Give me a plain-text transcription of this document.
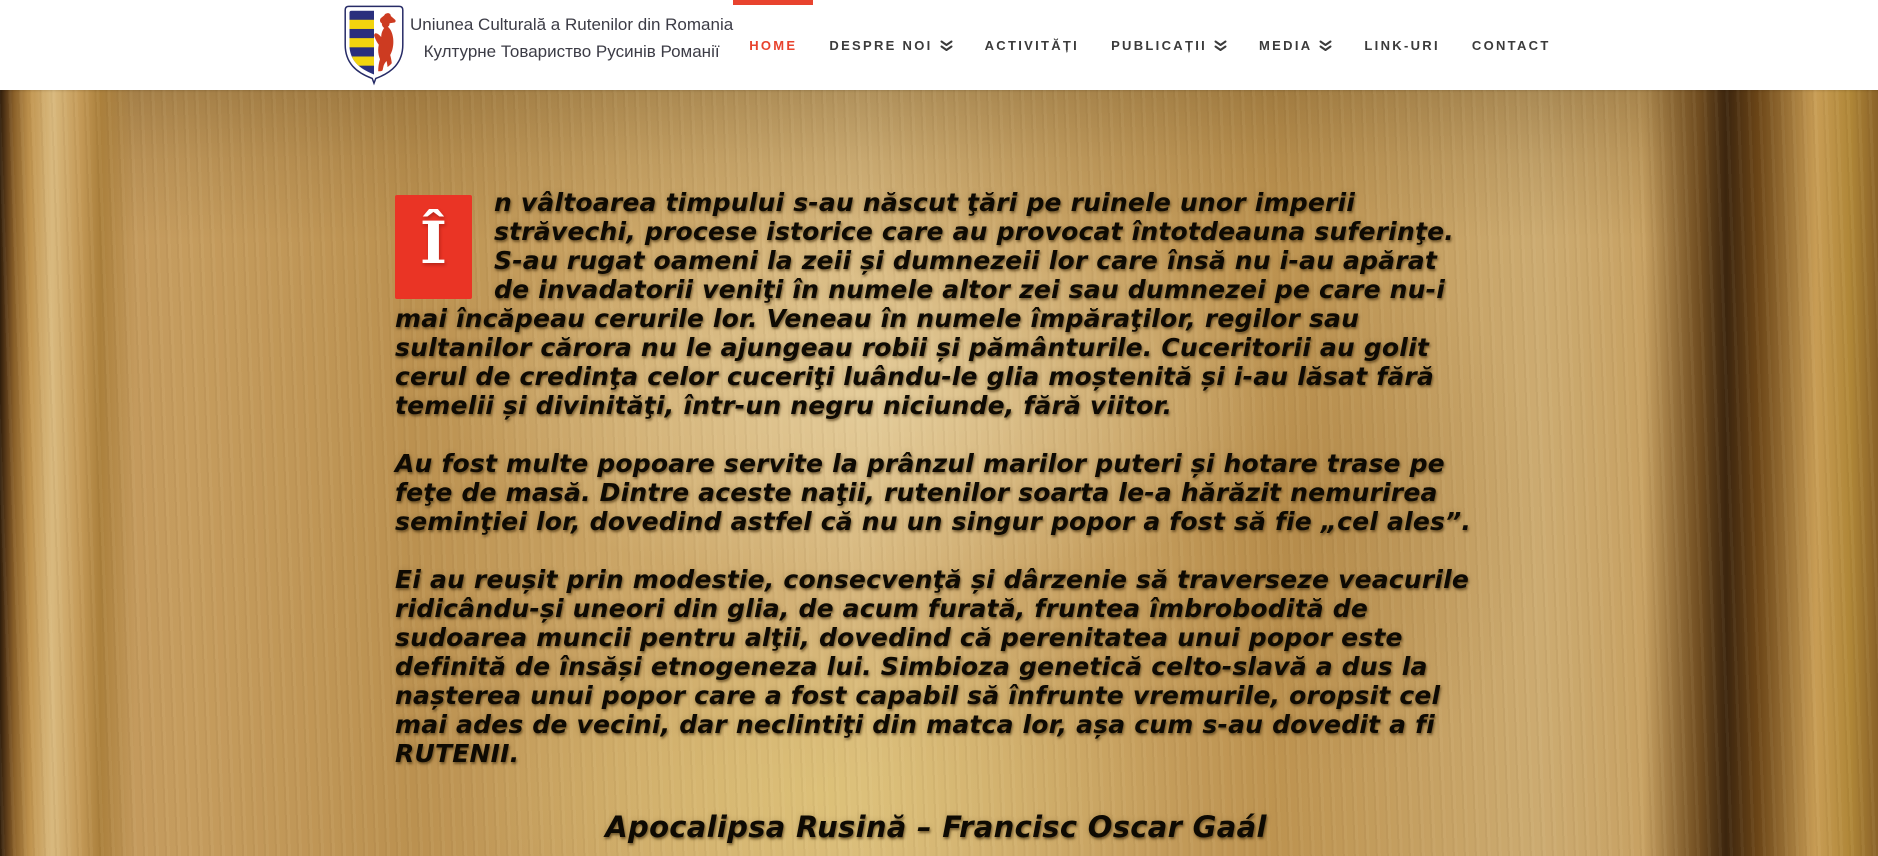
Uniunea Culturală a Rutenilor din Romania
Културне Товариство Русинів Романії HOME DESPRE NOI	ACTIVITĂȚI PUBLICAȚII	MEDIA	LINK-URI CONTACT

Î
n vâltoarea timpului s-au născut ţări pe ruinele unor imperii străvechi, procese istorice care au provocat întotdeauna suferinţe. S-au rugat oameni la zeii și dumnezeii lor care însă nu i-au apărat de invadatorii veniţi în numele altor zei sau dumnezei pe care nu-i mai încăpeau cerurile lor. Veneau în numele împăraţilor, regilor sau sultanilor cărora nu le ajungeau robii și pământurile. Cuceritorii au golit cerul de credinţa celor cuceriţi luându-le glia moștenită și i-au lăsat fără temelii și divinităţi, într-un negru niciunde, fără viitor.

Au fost multe popoare servite la prânzul marilor puteri și hotare trase pe feţe de masă. Dintre aceste naţii, rutenilor soarta le-a hărăzit nemurirea seminţiei lor, dovedind astfel că nu un singur popor a fost să fie „cel ales”.

Ei au reușit prin modestie, consecvenţă și dârzenie să traverseze veacurile ridicându-și uneori din glia, de acum furată, fruntea îmbrobodită de sudoarea muncii pentru alţii, dovedind că perenitatea unui popor este definită de însăși etnogeneza lui. Simbioza genetică celto-slavă a dus la nașterea unui popor care a fost capabil să înfrunte vremurile, oropsit cel mai ades de vecini, dar neclintiţi din matca lor, așa cum s-au dovedit a fi RUTENII.

Apocalipsa Rusină – Francisc Oscar Gaál
